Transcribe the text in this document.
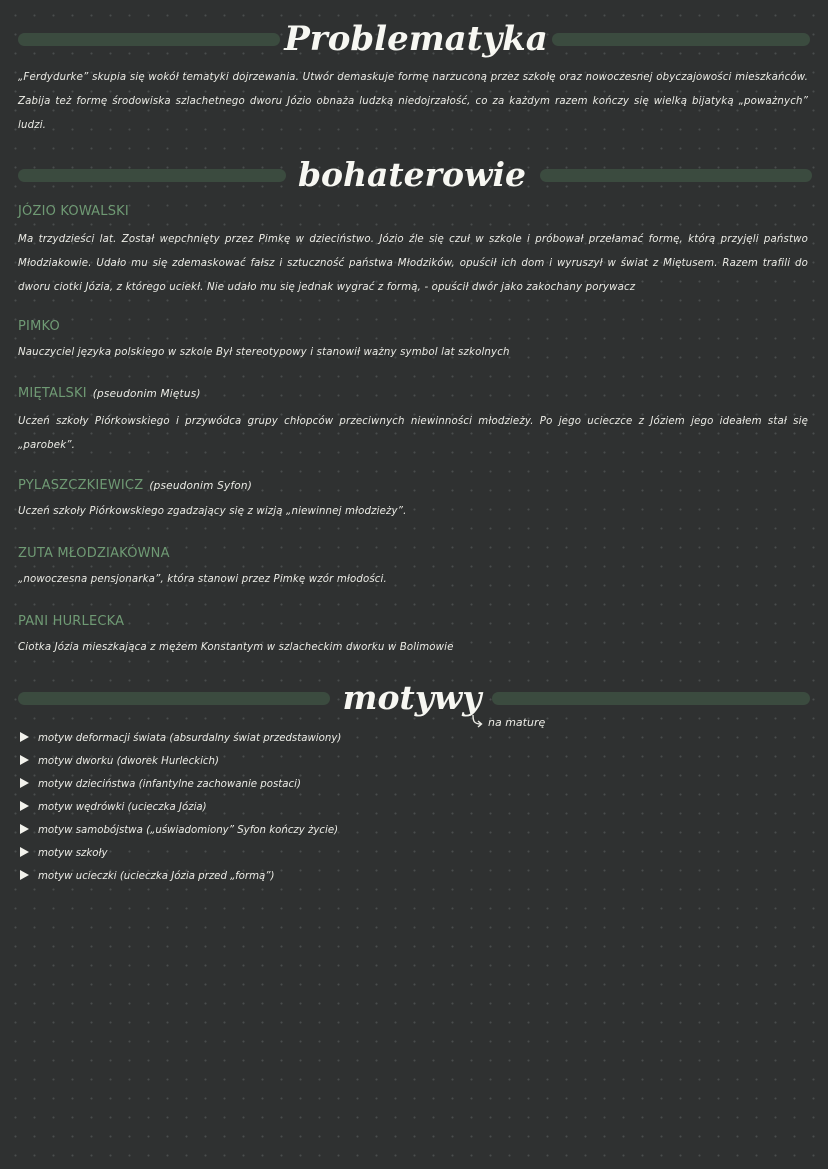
Problematyka
„Ferdydurke” skupia się wokół tematyki dojrzewania. Utwór demaskuje formę narzuconą przez szkołę oraz nowoczesnej obyczajowości mieszkańców. Zabija też formę środowiska szlachetnego dworu Józio obnaża ludzką niedojrzałość, co za każdym razem kończy się wielką bijatyką „poważnych” ludzi.
bohaterowie
JÓZIO KOWALSKI
Ma trzydzieści lat. Został wepchnięty przez Pimkę w dzieciństwo. Józio źle się czuł w szkole i próbował przełamać formę, którą przyjęli państwo Młodziakowie. Udało mu się zdemaskować fałsz i sztuczność państwa Młodzików, opuścił ich dom i wyruszył w świat z Miętusem. Razem trafili do dworu ciotki Józia, z którego uciekł. Nie udało mu się jednak wygrać z formą, - opuścił dwór jako zakochany porywacz
PIMKO
Nauczyciel języka polskiego w szkole Był stereotypowy i stanowił ważny symbol lat szkolnych
MIĘTALSKI (pseudonim Miętus)
Uczeń szkoły Piórkowskiego i przywódca grupy chłopców przeciwnych niewinności młodzieży. Po jego ucieczce z Józiem jego ideałem stał się „parobek”.
PYLASZCZKIEWICZ (pseudonim Syfon)
Uczeń szkoły Piórkowskiego zgadzający się z wizją „niewinnej młodzieży”.
ZUTA MŁODZIAKÓWNA
„nowoczesna pensjonarka”, która stanowi przez Pimkę wzór młodości.
PANI HURLECKA
Ciotka Józia mieszkająca z mężem Konstantym w szlacheckim dworku w Bolimowie
motywy
na maturę
motyw deformacji świata (absurdalny świat przedstawiony)
motyw dworku (dworek Hurleckich)
motyw dzieciństwa (infantylne zachowanie postaci)
motyw wędrówki (ucieczka Józia)
motyw samobójstwa („uświadomiony” Syfon kończy życie)
motyw szkoły
motyw ucieczki (ucieczka Józia przed „formą”)
